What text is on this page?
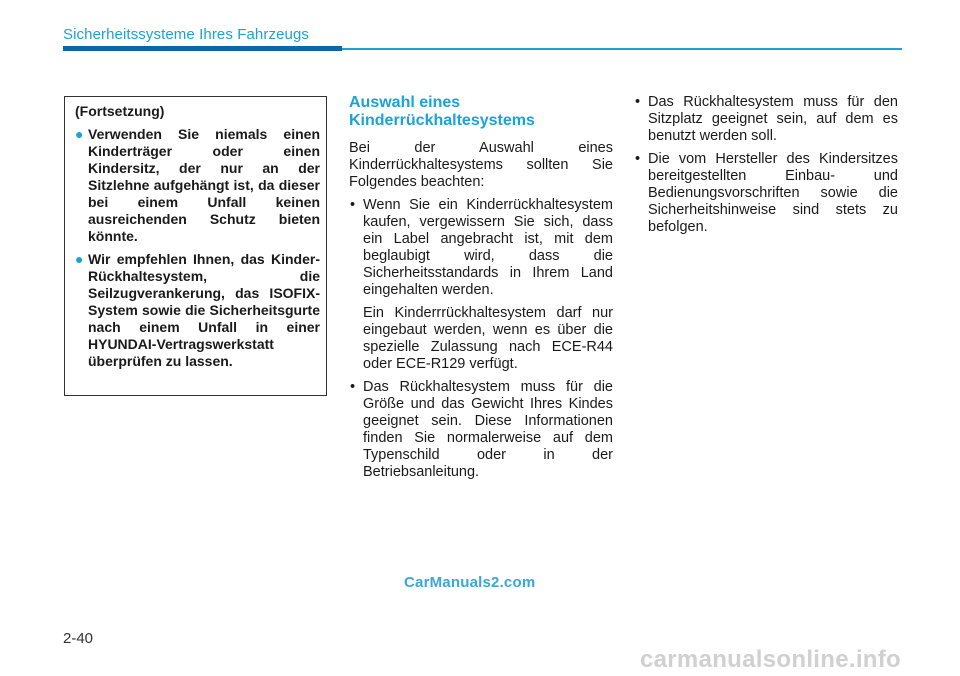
Sicherheitssysteme Ihres Fahrzeugs
(Fortsetzung)
● Verwenden Sie niemals einen Kinderträger oder einen Kindersitz, der nur an der Sitzlehne aufgehängt ist, da dieser bei einem Unfall keinen ausreichenden Schutz bieten könnte.
● Wir empfehlen Ihnen, das Kinder-Rückhaltesystem, die Seilzugverankerung, das ISOFIX-System sowie die Sicherheitsgurte nach einem Unfall in einer HYUNDAI-Vertragswerkstatt überprüfen zu lassen.
Auswahl eines Kinderrückhaltesystems
Bei der Auswahl eines Kinderrückhaltesystems sollten Sie Folgendes beachten:
• Wenn Sie ein Kinderrückhaltesystem kaufen, vergewissern Sie sich, dass ein Label angebracht ist, mit dem beglaubigt wird, dass die Sicherheitsstandards in Ihrem Land eingehalten werden.
Ein Kinderrrückhaltesystem darf nur eingebaut werden, wenn es über die spezielle Zulassung nach ECE-R44 oder ECE-R129 verfügt.
• Das Rückhaltesystem muss für die Größe und das Gewicht Ihres Kindes geeignet sein. Diese Informationen finden Sie normalerweise auf dem Typenschild oder in der Betriebsanleitung.
• Das Rückhaltesystem muss für den Sitzplatz geeignet sein, auf dem es benutzt werden soll.
• Die vom Hersteller des Kindersitzes bereitgestellten Einbau- und Bedienungsvorschriften sowie die Sicherheitshinweise sind stets zu befolgen.
CarManuals2.com
2-40
carmanualsonline.info
